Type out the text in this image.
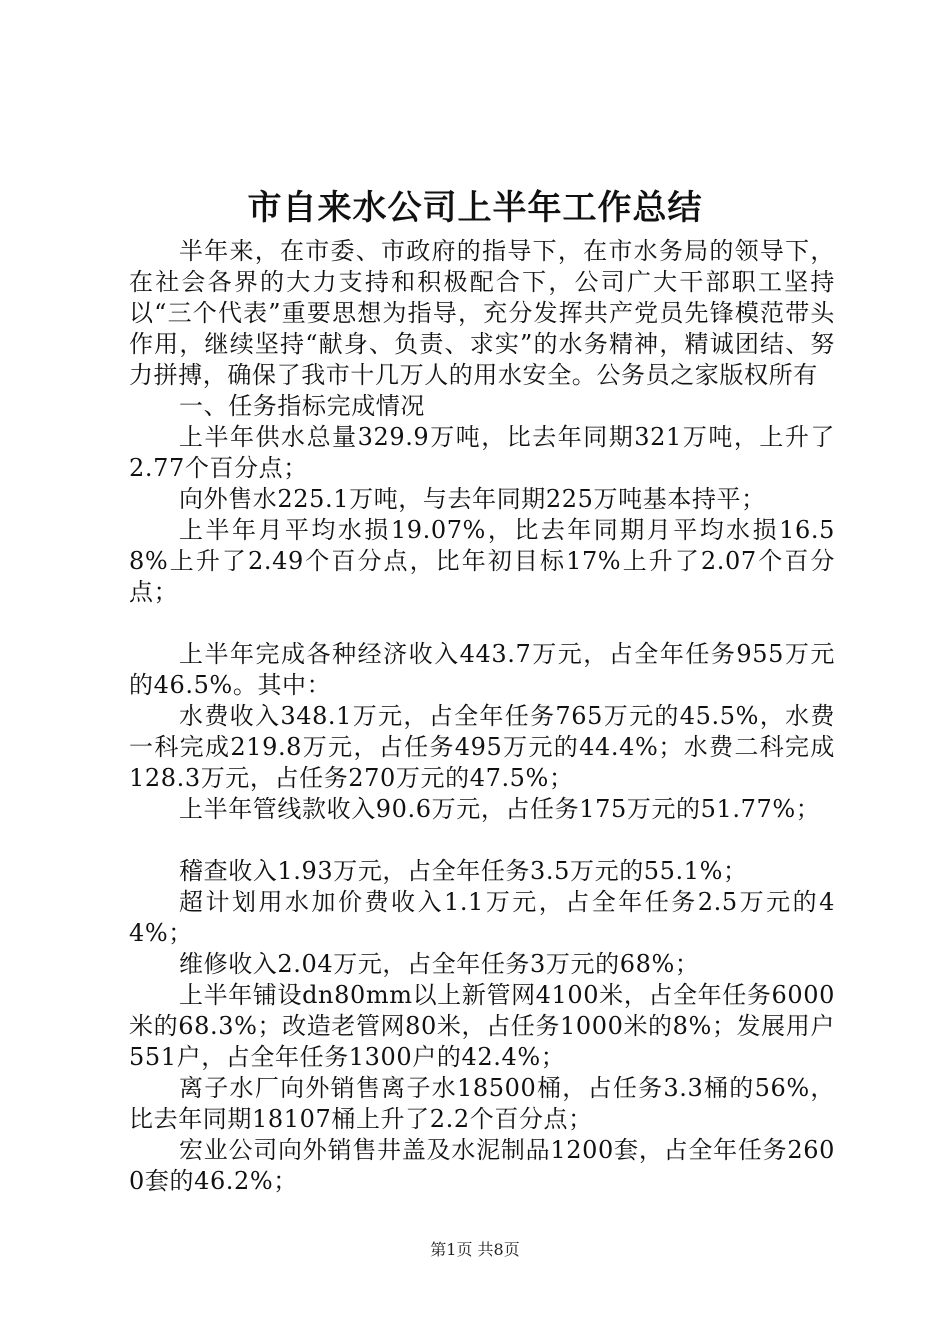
市自来水公司上半年工作总结

半年来，在市委、市政府的指导下，在市水务局的领导下，在社会各界的大力支持和积极配合下，公司广大干部职工坚持以“三个代表”重要思想为指导，充分发挥共产党员先锋模范带头作用，继续坚持“献身、负责、求实”的水务精神，精诚团结、努力拼搏，确保了我市十几万人的用水安全。公务员之家版权所有

一、任务指标完成情况

上半年供水总量329.9万吨，比去年同期321万吨，上升了2.77个百分点；

向外售水225.1万吨，与去年同期225万吨基本持平；

上半年月平均水损19.07%，比去年同期月平均水损16.58%上升了2.49个百分点，比年初目标17%上升了2.07个百分点；

上半年完成各种经济收入443.7万元，占全年任务955万元的46.5%。其中：

水费收入348.1万元，占全年任务765万元的45.5%，水费一科完成219.8万元，占任务495万元的44.4%；水费二科完成128.3万元，占任务270万元的47.5%；

上半年管线款收入90.6万元，占任务175万元的51.77%；

稽查收入1.93万元，占全年任务3.5万元的55.1%；

超计划用水加价费收入1.1万元，占全年任务2.5万元的44%；

维修收入2.04万元，占全年任务3万元的68%；

上半年铺设dn80mm以上新管网4100米，占全年任务6000米的68.3%；改造老管网80米，占任务1000米的8%；发展用户551户，占全年任务1300户的42.4%；

离子水厂向外销售离子水18500桶，占任务3.3桶的56%，比去年同期18107桶上升了2.2个百分点；

宏业公司向外销售井盖及水泥制品1200套，占全年任务2600套的46.2%；

第1页 共8页
